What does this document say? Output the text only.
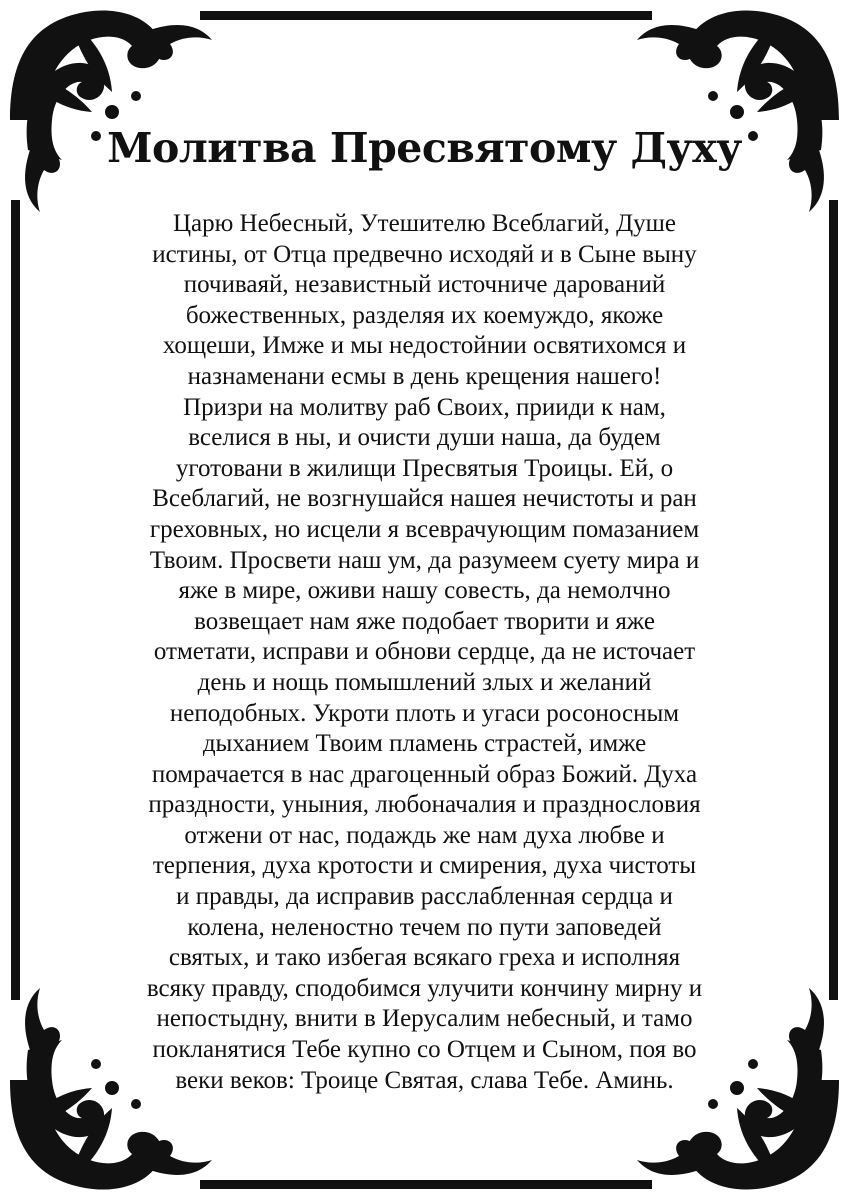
Молитва Пресвятому Духу
Царю Небесный, Утешителю Всеблагий, Душе
истины, от Отца предвечно исходяй и в Сыне выну
почиваяй, независтный источниче дарований
божественных, разделяя их коемуждо, якоже
хощеши, Имже и мы недостойнии освятихомся и
назнаменани есмы в день крещения нашего!
Призри на молитву раб Своих, прииди к нам,
вселися в ны, и очисти души наша, да будем
уготовани в жилищи Пресвятыя Троицы. Ей, о
Всеблагий, не возгнушайся нашея нечистоты и ран
греховных, но исцели я всеврачующим помазанием
Твоим. Просвети наш ум, да разумеем суету мира и
яже в мире, оживи нашу совесть, да немолчно
возвещает нам яже подобает творити и яже
отметати, исправи и обнови сердце, да не источает
день и нощь помышлений злых и желаний
неподобных. Укроти плоть и угаси росоносным
дыханием Твоим пламень страстей, имже
помрачается в нас драгоценный образ Божий. Духа
праздности, уныния, любоначалия и празднословия
отжени от нас, подаждь же нам духа любве и
терпения, духа кротости и смирения, духа чистоты
и правды, да исправив расслабленная сердца и
колена, неленостно течем по пути заповедей
святых, и тако избегая всякаго греха и исполняя
всяку правду, сподобимся улучити кончину мирну и
непостыдну, внити в Иерусалим небесный, и тамо
покланятися Тебе купно со Отцем и Сыном, поя во
веки веков: Троице Святая, слава Тебе. Аминь.
